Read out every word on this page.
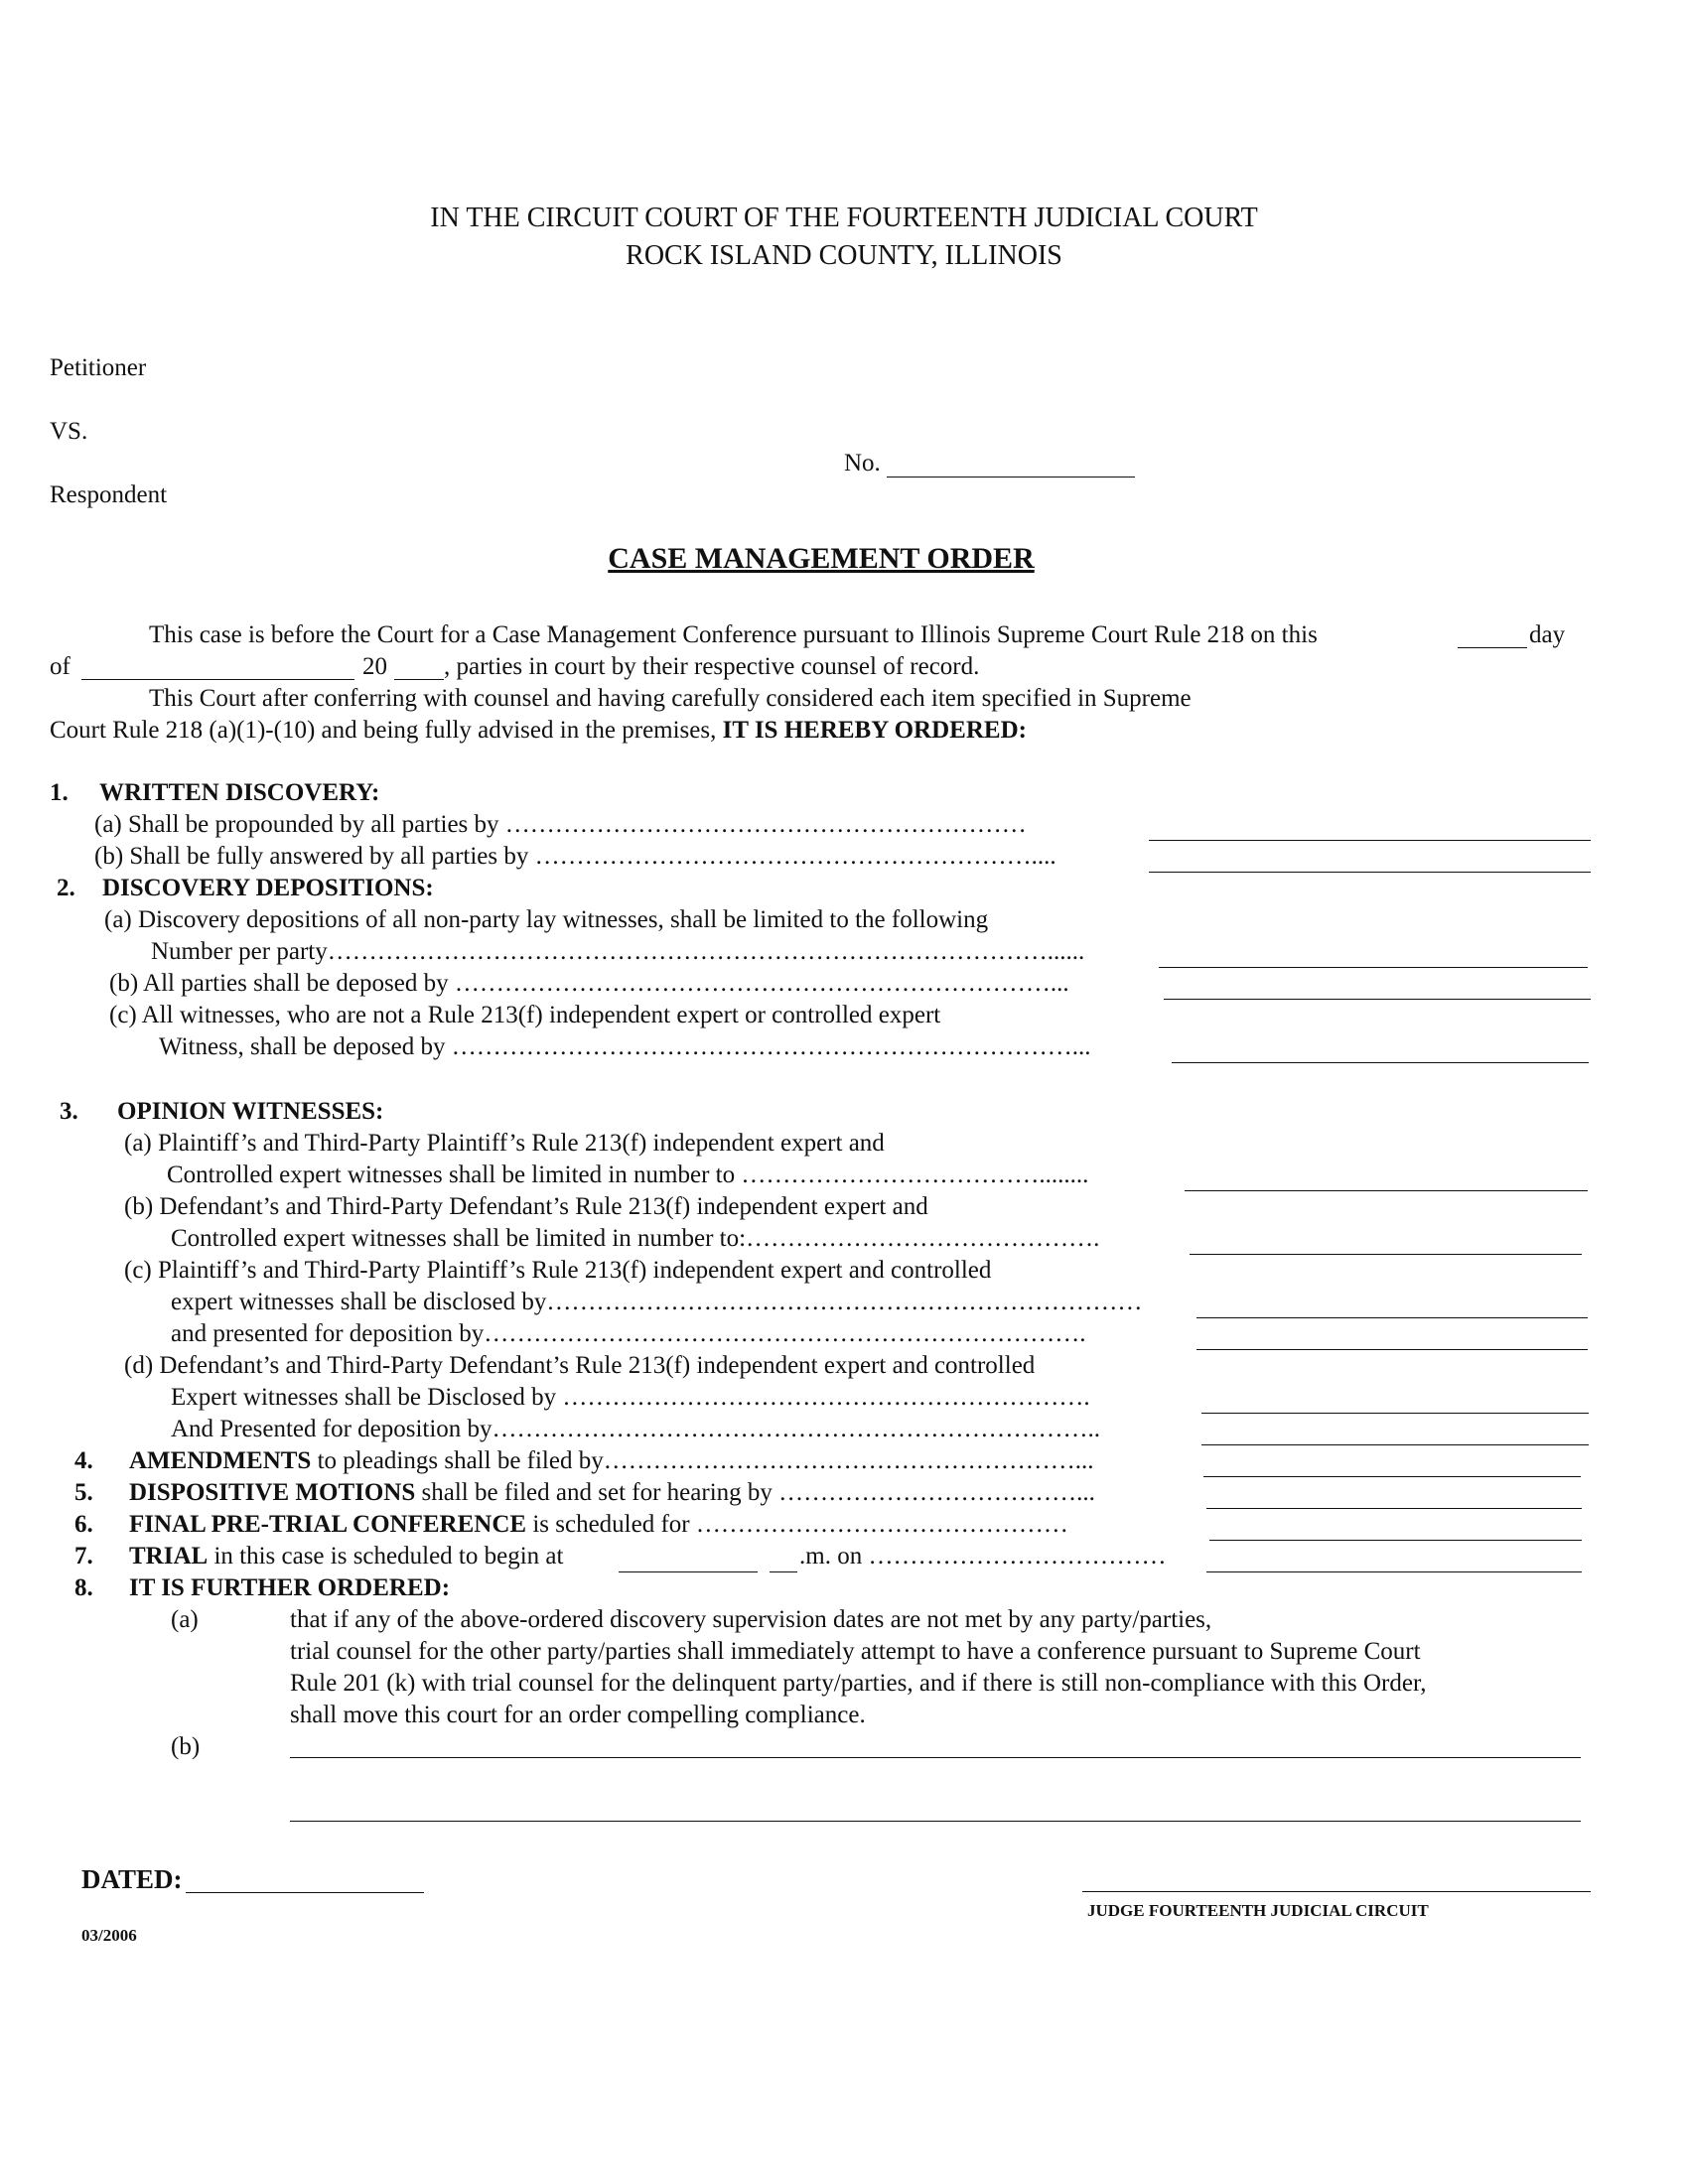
IN THE CIRCUIT COURT OF THE FOURTEENTH JUDICIAL COURT
ROCK ISLAND COUNTY, ILLINOIS
Petitioner
VS.
Respondent
No.
CASE MANAGEMENT ORDER
This case is before the Court for a Case Management Conference pursuant to Illinois Supreme Court Rule 218 on this	day
of	20 , parties in court by their respective counsel of record.
This Court after conferring with counsel and having carefully considered each item specified in Supreme
Court Rule 218 (a)(1)-(10) and being fully advised in the premises, IT IS HEREBY ORDERED:
1. WRITTEN DISCOVERY:
(a) Shall be propounded by all parties by ………………………………………………………
(b) Shall be fully answered by all parties by ……………………………………………………....
2. DISCOVERY DEPOSITIONS:
(a) Discovery depositions of all non-party lay witnesses, shall be limited to the following
Number per party……………………………………………………………………………......
(b) All parties shall be deposed by ………………………………………………………………...
(c) All witnesses, who are not a Rule 213(f) independent expert or controlled expert
Witness, shall be deposed by …………………………………………………………………...
3. OPINION WITNESSES:
(a) Plaintiff’s and Third-Party Plaintiff’s Rule 213(f) independent expert and
Controlled expert witnesses shall be limited in number to ………………………………........
(b) Defendant’s and Third-Party Defendant’s Rule 213(f) independent expert and
Controlled expert witnesses shall be limited in number to:…………………………………….
(c) Plaintiff’s and Third-Party Plaintiff’s Rule 213(f) independent expert and controlled
expert witnesses shall be disclosed by………………………………………………………………
and presented for deposition by……………………………………………………………….
(d) Defendant’s and Third-Party Defendant’s Rule 213(f) independent expert and controlled
Expert witnesses shall be Disclosed by ……………………………………………………….
And Presented for deposition by………………………………………………………………..
4. AMENDMENTS to pleadings shall be filed by…………………………………………………...
5. DISPOSITIVE MOTIONS shall be filed and set for hearing by ………………………………...
6. FINAL PRE-TRIAL CONFERENCE is scheduled for ………………………………………
7. TRIAL in this case is scheduled to begin at	.m. on ………………………………
8. IT IS FURTHER ORDERED:
(a)	that if any of the above-ordered discovery supervision dates are not met by any party/parties,
trial counsel for the other party/parties shall immediately attempt to have a conference pursuant to Supreme Court
Rule 201 (k) with trial counsel for the delinquent party/parties, and if there is still non-compliance with this Order,
shall move this court for an order compelling compliance.
(b)
DATED:
JUDGE FOURTEENTH JUDICIAL CIRCUIT
03/2006
